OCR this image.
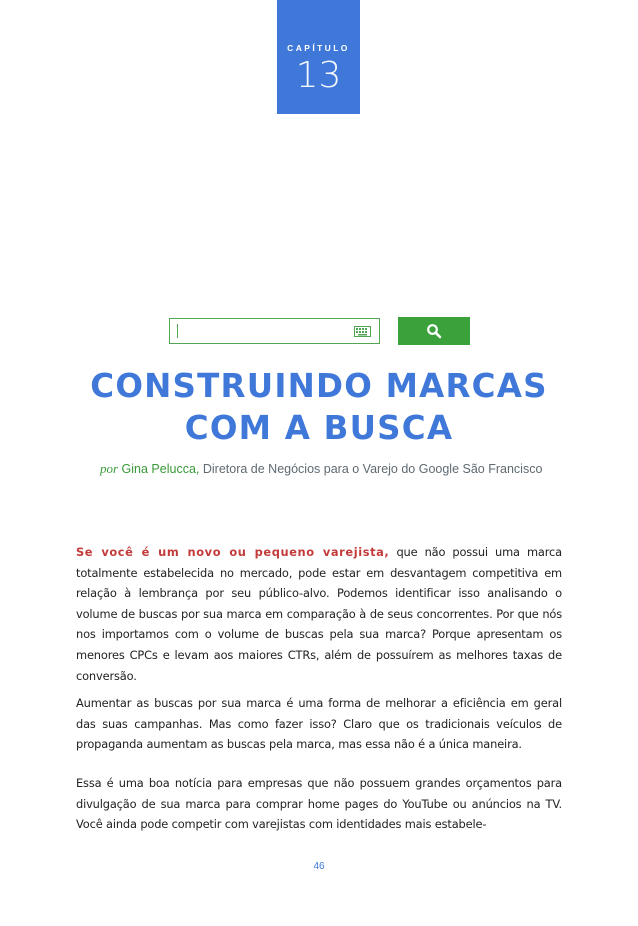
CAPÍTULO
13
CONSTRUINDO MARCAS
COM A BUSCA
por Gina Pelucca, Diretora de Negócios para o Varejo do Google São Francisco

Se você é um novo ou pequeno varejista, que não possui uma marca totalmente estabelecida no mercado, pode estar em desvantagem competitiva em relação à lembrança por seu público-alvo. Podemos identificar isso analisando o volume de buscas por sua marca em comparação à de seus concorrentes. Por que nós nos importamos com o volume de buscas pela sua marca? Porque apresentam os menores CPCs e levam aos maiores CTRs, além de possuírem as melhores taxas de conversão.

Aumentar as buscas por sua marca é uma forma de melhorar a eficiência em geral das suas campanhas. Mas como fazer isso? Claro que os tradicionais veículos de propaganda aumentam as buscas pela marca, mas essa não é a única maneira.

Essa é uma boa notícia para empresas que não possuem grandes orçamentos para divulgação de sua marca para comprar home pages do YouTube ou anúncios na TV. Você ainda pode competir com varejistas com identidades mais estabele-

46
